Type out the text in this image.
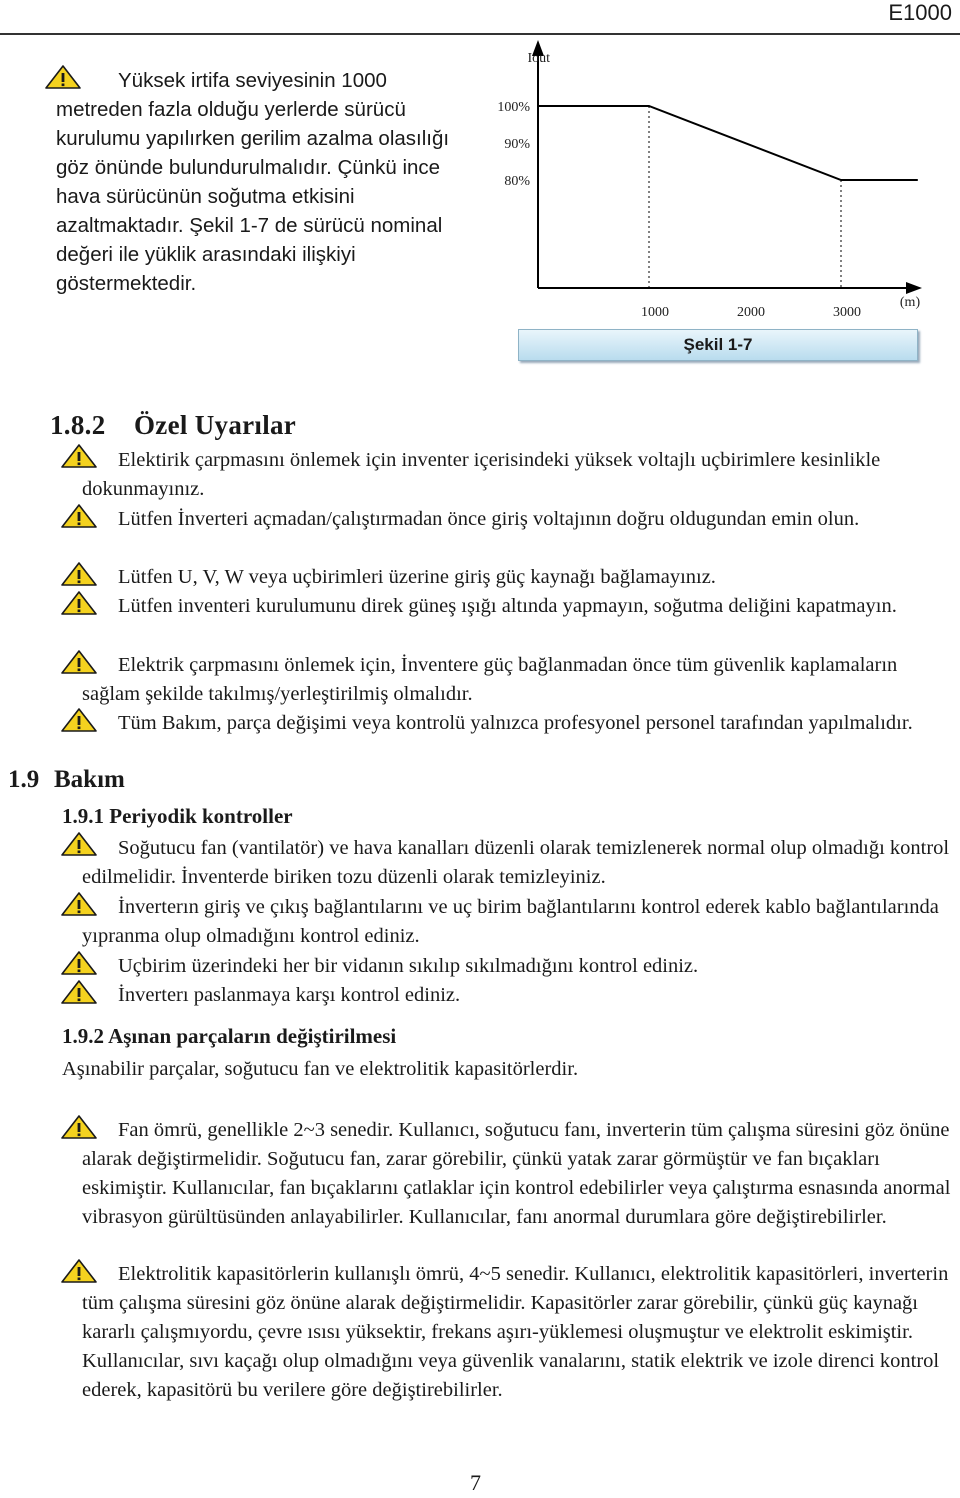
E1000
Yüksek irtifa seviyesinin 1000 metreden fazla olduğu yerlerde sürücü kurulumu yapılırken gerilim azalma olasılığı göz önünde bulundurulmalıdır. Çünkü ince hava sürücünün soğutma etkisini azaltmaktadır. Şekil 1-7 de sürücü nominal değeri ile yüklik arasındaki ilişkiyi göstermektedir.
Iout
100%
90%
80%
1000	2000	3000
(m)
Şekil 1-7
1.8.2 Özel Uyarılar
Elektirik çarpmasını önlemek için inventer içerisindeki yüksek voltajlı uçbirimlere kesinlikle dokunmayınız.
Lütfen İnverteri açmadan/çalıştırmadan önce giriş voltajının doğru oldugundan emin olun.
Lütfen U, V, W veya uçbirimleri üzerine giriş güç kaynağı bağlamayınız.
Lütfen inventeri kurulumunu direk güneş ışığı altında yapmayın, soğutma deliğini kapatmayın.
Elektrik çarpmasını önlemek için, İnventere güç bağlanmadan önce tüm güvenlik kaplamaların sağlam şekilde takılmış/yerleştirilmiş olmalıdır.
Tüm Bakım, parça değişimi veya kontrolü yalnızca profesyonel personel tarafından yapılmalıdır.
1.9 Bakım
1.9.1 Periyodik kontroller
Soğutucu fan (vantilatör) ve hava kanalları düzenli olarak temizlenerek normal olup olmadığı kontrol edilmelidir. İnventerde biriken tozu düzenli olarak temizleyiniz.
İnverterın giriş ve çıkış bağlantılarını ve uç birim bağlantılarını kontrol ederek kablo bağlantılarında yıpranma olup olmadığını kontrol ediniz.
Uçbirim üzerindeki her bir vidanın sıkılıp sıkılmadığını kontrol ediniz.
İnverterı paslanmaya karşı kontrol ediniz.
1.9.2 Aşınan parçaların değiştirilmesi
Aşınabilir parçalar, soğutucu fan ve elektrolitik kapasitörlerdir.
Fan ömrü, genellikle 2~3 senedir. Kullanıcı, soğutucu fanı, inverterin tüm çalışma süresini göz önüne alarak değiştirmelidir. Soğutucu fan, zarar görebilir, çünkü yatak zarar görmüştür ve fan bıçakları eskimiştir. Kullanıcılar, fan bıçaklarını çatlaklar için kontrol edebilirler veya çalıştırma esnasında anormal vibrasyon gürültüsünden anlayabilirler. Kullanıcılar, fanı anormal durumlara göre değiştirebilirler.
Elektrolitik kapasitörlerin kullanışlı ömrü, 4~5 senedir. Kullanıcı, elektrolitik kapasitörleri, inverterin tüm çalışma süresini göz önüne alarak değiştirmelidir. Kapasitörler zarar görebilir, çünkü güç kaynağı kararlı çalışmıyordu, çevre ısısı yüksektir, frekans aşırı-yüklemesi oluşmuştur ve elektrolit eskimiştir. Kullanıcılar, sıvı kaçağı olup olmadığını veya güvenlik vanalarını, statik elektrik ve izole direnci kontrol ederek, kapasitörü bu verilere göre değiştirebilirler.
7
